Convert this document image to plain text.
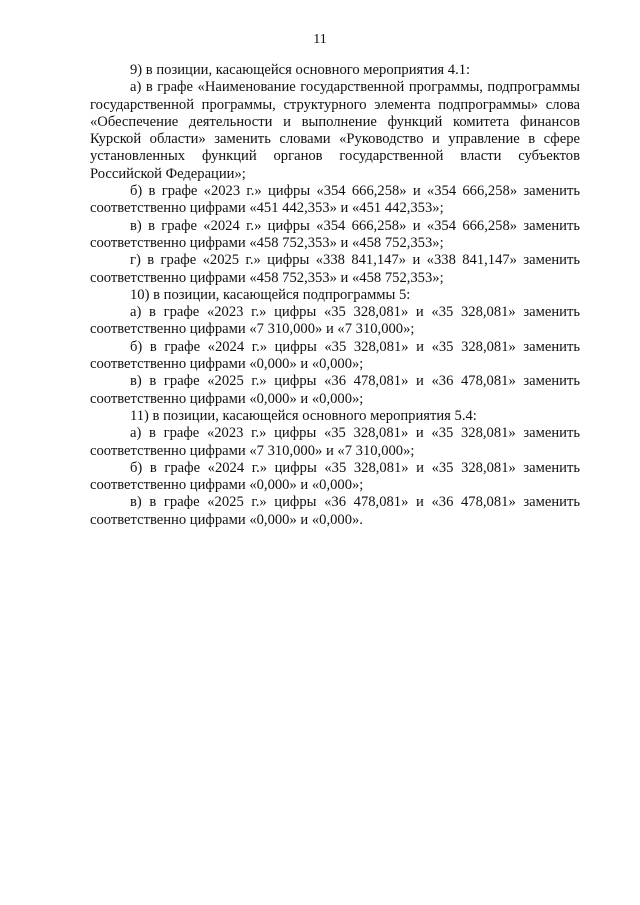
11

9) в позиции, касающейся основного мероприятия 4.1:

а) в графе «Наименование государственной программы, подпрограммы государственной программы, структурного элемента подпрограммы» слова «Обеспечение деятельности и выполнение функций комитета финансов Курской области» заменить словами «Руководство и управление в сфере установленных функций органов государственной власти субъектов Российской Федерации»;

б) в графе «2023 г.» цифры «354 666,258» и «354 666,258» заменить соответственно цифрами «451 442,353» и «451 442,353»;

в) в графе «2024 г.» цифры «354 666,258» и «354 666,258» заменить соответственно цифрами «458 752,353» и «458 752,353»;

г) в графе «2025 г.» цифры «338 841,147» и «338 841,147» заменить соответственно цифрами «458 752,353» и «458 752,353»;

10) в позиции, касающейся подпрограммы 5:

а) в графе «2023 г.» цифры «35 328,081» и «35 328,081» заменить соответственно цифрами «7 310,000» и «7 310,000»;

б) в графе «2024 г.» цифры «35 328,081» и «35 328,081» заменить соответственно цифрами «0,000» и «0,000»;

в) в графе «2025 г.» цифры «36 478,081» и «36 478,081» заменить соответственно цифрами «0,000» и «0,000»;

11) в позиции, касающейся основного мероприятия 5.4:

а) в графе «2023 г.» цифры «35 328,081» и «35 328,081» заменить соответственно цифрами «7 310,000» и «7 310,000»;

б) в графе «2024 г.» цифры «35 328,081» и «35 328,081» заменить соответственно цифрами «0,000» и «0,000»;

в) в графе «2025 г.» цифры «36 478,081» и «36 478,081» заменить соответственно цифрами «0,000» и «0,000».
